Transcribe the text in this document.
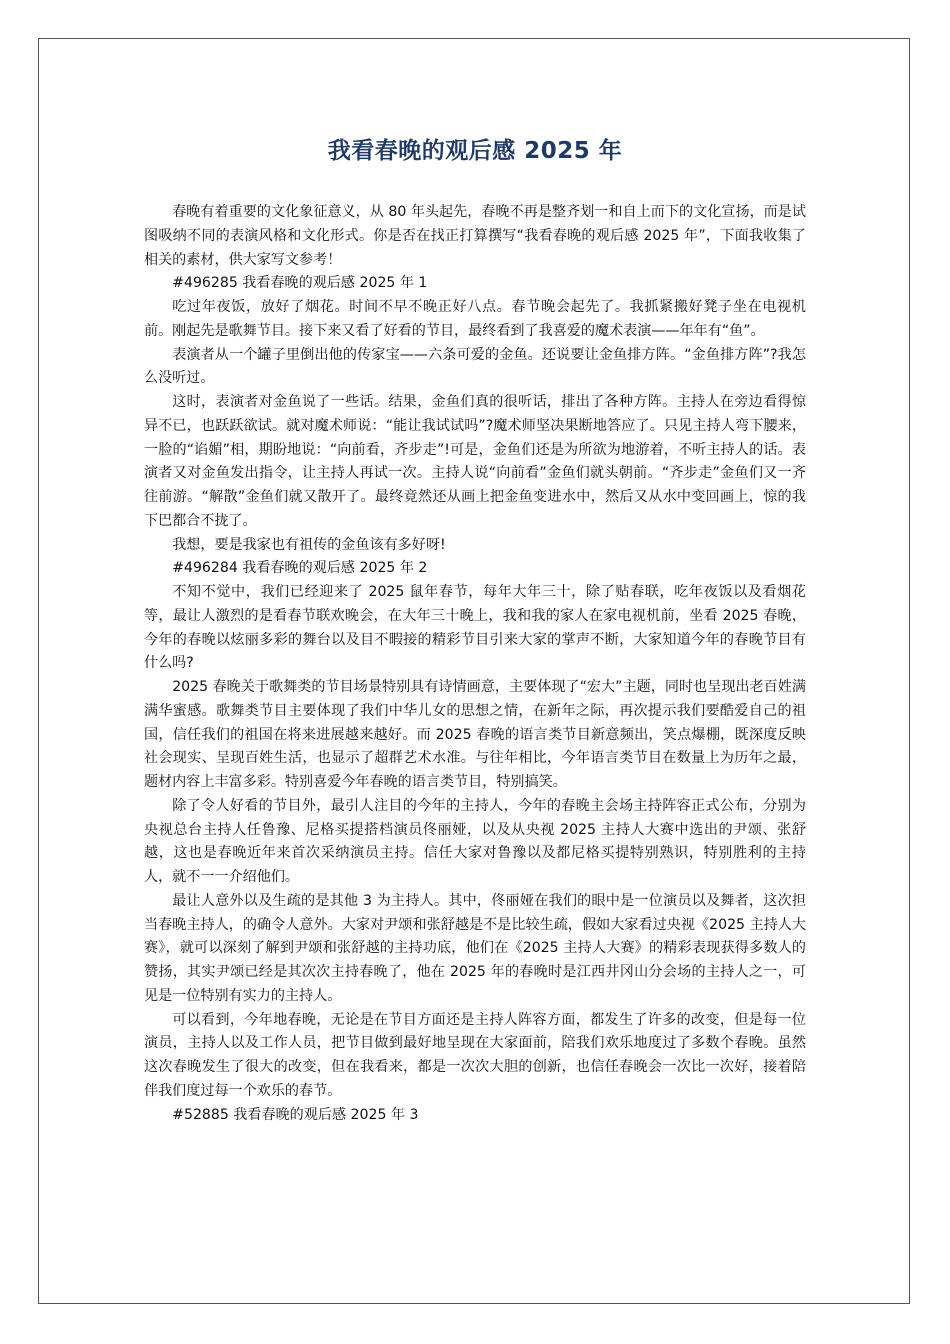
我看春晚的观后感 2025 年

春晚有着重要的文化象征意义，从 80 年头起先，春晚不再是整齐划一和自上而下的文化宣扬，而是试图吸纳不同的表演风格和文化形式。你是否在找正打算撰写“我看春晚的观后感 2025 年”，下面我收集了相关的素材，供大家写文参考！

#496285 我看春晚的观后感 2025 年 1

吃过年夜饭，放好了烟花。时间不早不晚正好八点。春节晚会起先了。我抓紧搬好凳子坐在电视机前。刚起先是歌舞节目。接下来又看了好看的节目，最终看到了我喜爱的魔术表演——年年有“鱼”。

表演者从一个罐子里倒出他的传家宝——六条可爱的金鱼。还说要让金鱼排方阵。“金鱼排方阵”?我怎么没听过。

这时，表演者对金鱼说了一些话。结果，金鱼们真的很听话，排出了各种方阵。主持人在旁边看得惊异不已，也跃跃欲试。就对魔术师说：“能让我试试吗”?魔术师坚决果断地答应了。只见主持人弯下腰来，一脸的“谄媚”相，期盼地说：“向前看，齐步走”!可是，金鱼们还是为所欲为地游着，不听主持人的话。表演者又对金鱼发出指令，让主持人再试一次。主持人说“向前看”金鱼们就头朝前。“齐步走”金鱼们又一齐往前游。“解散”金鱼们就又散开了。最终竟然还从画上把金鱼变进水中，然后又从水中变回画上，惊的我下巴都合不拢了。

我想，要是我家也有祖传的金鱼该有多好呀!

#496284 我看春晚的观后感 2025 年 2

不知不觉中，我们已经迎来了 2025 鼠年春节，每年大年三十，除了贴春联，吃年夜饭以及看烟花等，最让人激烈的是看春节联欢晚会，在大年三十晚上，我和我的家人在家电视机前，坐看 2025 春晚，今年的春晚以炫丽多彩的舞台以及目不暇接的精彩节目引来大家的掌声不断，大家知道今年的春晚节目有什么吗?

2025 春晚关于歌舞类的节目场景特别具有诗情画意，主要体现了“宏大”主题，同时也呈现出老百姓满满华蜜感。歌舞类节目主要体现了我们中华儿女的思想之情，在新年之际，再次提示我们要酷爱自己的祖国，信任我们的祖国在将来进展越来越好。而 2025 春晚的语言类节目新意频出，笑点爆棚，既深度反映社会现实、呈现百姓生活，也显示了超群艺术水准。与往年相比，今年语言类节目在数量上为历年之最，题材内容上丰富多彩。特别喜爱今年春晚的语言类节目，特别搞笑。

除了令人好看的节目外，最引人注目的今年的主持人，今年的春晚主会场主持阵容正式公布，分别为央视总台主持人任鲁豫、尼格买提搭档演员佟丽娅，以及从央视 2025 主持人大赛中选出的尹颂、张舒越，这也是春晚近年来首次采纳演员主持。信任大家对鲁豫以及都尼格买提特别熟识，特别胜利的主持人，就不一一介绍他们。

最让人意外以及生疏的是其他 3 为主持人。其中，佟丽娅在我们的眼中是一位演员以及舞者，这次担当春晚主持人，的确令人意外。大家对尹颂和张舒越是不是比较生疏，假如大家看过央视《2025 主持人大赛》，就可以深刻了解到尹颂和张舒越的主持功底，他们在《2025 主持人大赛》的精彩表现获得多数人的赞扬，其实尹颂已经是其次次主持春晚了，他在 2025 年的春晚时是江西井冈山分会场的主持人之一，可见是一位特别有实力的主持人。

可以看到，今年地春晚，无论是在节目方面还是主持人阵容方面，都发生了许多的改变，但是每一位演员，主持人以及工作人员，把节目做到最好地呈现在大家面前，陪我们欢乐地度过了多数个春晚。虽然这次春晚发生了很大的改变，但在我看来，都是一次次大胆的创新，也信任春晚会一次比一次好，接着陪伴我们度过每一个欢乐的春节。

#52885 我看春晚的观后感 2025 年 3
